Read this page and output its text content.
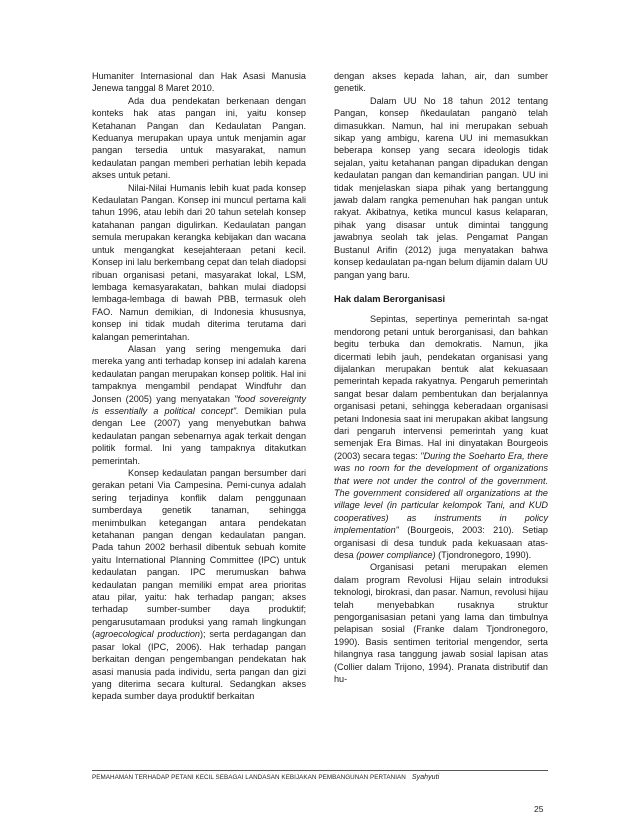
Humaniter Internasional dan Hak Asasi Manusia Jenewa tanggal 8 Maret 2010.

Ada dua pendekatan berkenaan dengan konteks hak atas pangan ini, yaitu konsep Ketahanan Pangan dan Kedaulatan Pangan. Keduanya merupakan upaya untuk menjamin agar pangan tersedia untuk masyarakat, namun kedaulatan pangan memberi perhatian lebih kepada akses untuk petani.

Nilai-Nilai Humanis lebih kuat pada konsep Kedaulatan Pangan. Konsep ini muncul pertama kali tahun 1996, atau lebih dari 20 tahun setelah konsep katahanan pangan digulirkan. Kedaulatan pangan semula merupakan kerangka kebijakan dan wacana untuk mengangkat kesejahteraan petani kecil. Konsep ini lalu berkembang cepat dan telah diadopsi ribuan organisasi petani, masyarakat lokal, LSM, lembaga kemasyarakatan, bahkan mulai diadopsi lembaga-lembaga di bawah PBB, termasuk oleh FAO. Namun demikian, di Indonesia khususnya, konsep ini tidak mudah diterima terutama dari kalangan pemerintahan.

Alasan yang sering mengemuka dari mereka yang anti terhadap konsep ini adalah karena kedaulatan pangan merupakan konsep politik. Hal ini tampaknya mengambil pendapat Windfuhr dan Jonsen (2005) yang menyatakan "food sovereignty is essentially a political concept". Demikian pula dengan Lee (2007) yang menyebutkan bahwa kedaulatan pangan sebenarnya agak terkait dengan politik formal. Ini yang tampaknya ditakutkan pemerintah.

Konsep kedaulatan pangan bersumber dari gerakan petani Via Campesina. Pemi-cunya adalah sering terjadinya konflik dalam penggunaan sumberdaya genetik tanaman, sehingga menimbulkan ketegangan antara pendekatan ketahanan pangan dengan kedaulatan pangan. Pada tahun 2002 berhasil dibentuk sebuah komite yaitu International Planning Committee (IPC) untuk kedaulatan pangan. IPC merumuskan bahwa kedaulatan pangan memiliki empat area prioritas atau pilar, yaitu: hak terhadap pangan; akses terhadap sumber-sumber daya produktif; pengarusutamaan produksi yang ramah lingkungan (agroecological production); serta perdagangan dan pasar lokal (IPC, 2006). Hak terhadap pangan berkaitan dengan pengembangan pendekatan hak asasi manusia pada individu, serta pangan dan gizi yang diterima secara kultural. Sedangkan akses kepada sumber daya produktif berkaitan

dengan akses kepada lahan, air, dan sumber genetik.

Dalam UU No 18 tahun 2012 tentang Pangan, konsep ñkedaulatan panganò telah dimasukkan. Namun, hal ini merupakan sebuah sikap yang ambigu, karena UU ini memasukkan beberapa konsep yang secara ideologis tidak sejalan, yaitu ketahanan pangan dipadukan dengan kedaulatan pangan dan kemandirian pangan. UU ini tidak menjelaskan siapa pihak yang bertanggung jawab dalam rangka pemenuhan hak pangan untuk rakyat. Akibatnya, ketika muncul kasus kelaparan, pihak yang disasar untuk dimintai tanggung jawabnya seolah tak jelas. Pengamat Pangan Bustanul Arifin (2012) juga menyatakan bahwa konsep kedaulatan pa-ngan belum dijamin dalam UU pangan yang baru.

Hak dalam Berorganisasi

Sepintas, sepertinya pemerintah sa-ngat mendorong petani untuk berorganisasi, dan bahkan begitu terbuka dan demokratis. Namun, jika dicermati lebih jauh, pendekatan organisasi yang dijalankan merupakan bentuk alat kekuasaan pemerintah kepada rakyatnya. Pengaruh pemerintah sangat besar dalam pembentukan dan berjalannya organisasi petani, sehingga keberadaan organisasi petani Indonesia saat ini merupakan akibat langsung dari pengaruh intervensi pemerintah yang kuat semenjak Era Bimas. Hal ini dinyatakan Bourgeois (2003) secara tegas: "During the Soeharto Era, there was no room for the development of organizations that were not under the control of the government. The government considered all organizations at the village level (in particular kelompok Tani, and KUD cooperatives) as instruments in policy implementation" (Bourgeois, 2003: 210). Setiap organisasi di desa tunduk pada kekuasaan atas-desa (power compliance) (Tjondronegoro, 1990).

Organisasi petani merupakan elemen dalam program Revolusi Hijau selain introduksi teknologi, birokrasi, dan pasar. Namun, revolusi hijau telah menyebabkan rusaknya struktur pengorganisasian petani yang lama dan timbulnya pelapisan sosial (Franke dalam Tjondronegoro, 1990). Basis sentimen teritorial mengendor, serta hilangnya rasa tanggung jawab sosial lapisan atas (Collier dalam Trijono, 1994). Pranata distributif dan hu-

PEMAHAMAN TERHADAP PETANI KECIL SEBAGAI LANDASAN KEBIJAKAN PEMBANGUNAN PERTANIAN Syahyuti
25
